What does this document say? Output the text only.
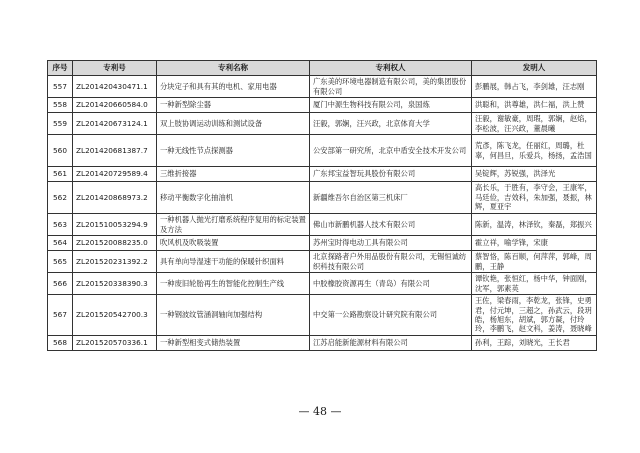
序号	专利号	专利名称	专利权人	发明人
557	ZL201420430471.1	分块定子和具有其的电机、家用电器	广东美的环境电器制造有限公司，美的集团股份有限公司	彭鹏展，韩占飞，李剑雄，汪志刚
558	ZL201420660584.0	一种新型除尘器	厦门中源生物科技有限公司，泉国炼	洪聪和，洪尊雄，洪仁福，洪上赞
559	ZL201420673124.1	双上肢协调运动训练和测试设备	汪毅，郭娴，汪兴政，北京体育大学	汪毅，谢敏豪，周瑕，郭娴，赵焰，李松波，汪兴政，董晨曦
560	ZL201420681387.7	一种无线性节点探测器	公安部第一研究所，北京中盾安全技术开发公司	荒彥，陈飞龙，任丽红，周璐，杜辜，何昌旦，乐爱兵，杨扬，孟浩国
561	ZL201420729589.4	三维折接器	广东邦宝益智玩具股份有限公司	吴锭辉，苏锐强，洪泽光
562	ZL201420868973.2	移动平衡数字化抽油机	新疆维吾尔自治区第三机床厂	高长乐，于胜有，李守会，王康军，马廷俭，吉效科，朱加强，聂振，林辉，夏亚宇
563	ZL201510053294.9	一种机器人抛光打磨系统程序复用的标定装置及方法	佛山市新鹏机器人技术有限公司	陈新，温涛，林泽钦，秦磊，郑振兴
564	ZL201520088235.0	吹风机及吹吸装置	苏州宝时得电动工具有限公司	霍立祥，喻学锋，宋康
565	ZL201520231392.2	具有单向导湿速干功能的保暖针织面料	北京探路者户外用品股份有限公司，无锡恒诚纺织科技有限公司	蔡智恪，陈百顺，何萍萍，郭峰，周鹏，王静
566	ZL201520338390.3	一种废旧轮胎再生的智能化控制生产线	中胶橡胶资源再生（青岛）有限公司	谭钦艳，张恒红，杨中华，钟面刚，沈军，郭素英
567	ZL201520542700.3	一种钢波纹管涵洞轴向加强结构	中交第一公路勘察设计研究院有限公司	王佐，梁春雨，李乾龙，张锋，史勇君，付元坤，三超之，孙武云，段玥皓，杨旭东，胡斌，郭方凝，付玲玲，李鹏飞，赵文科，姜涛，聂晓峰
568	ZL201520570336.1	一种新型相变式储热装置	江苏启能新能源材料有限公司	孙利，王踪，刘晓光，王长君
— 48 —
